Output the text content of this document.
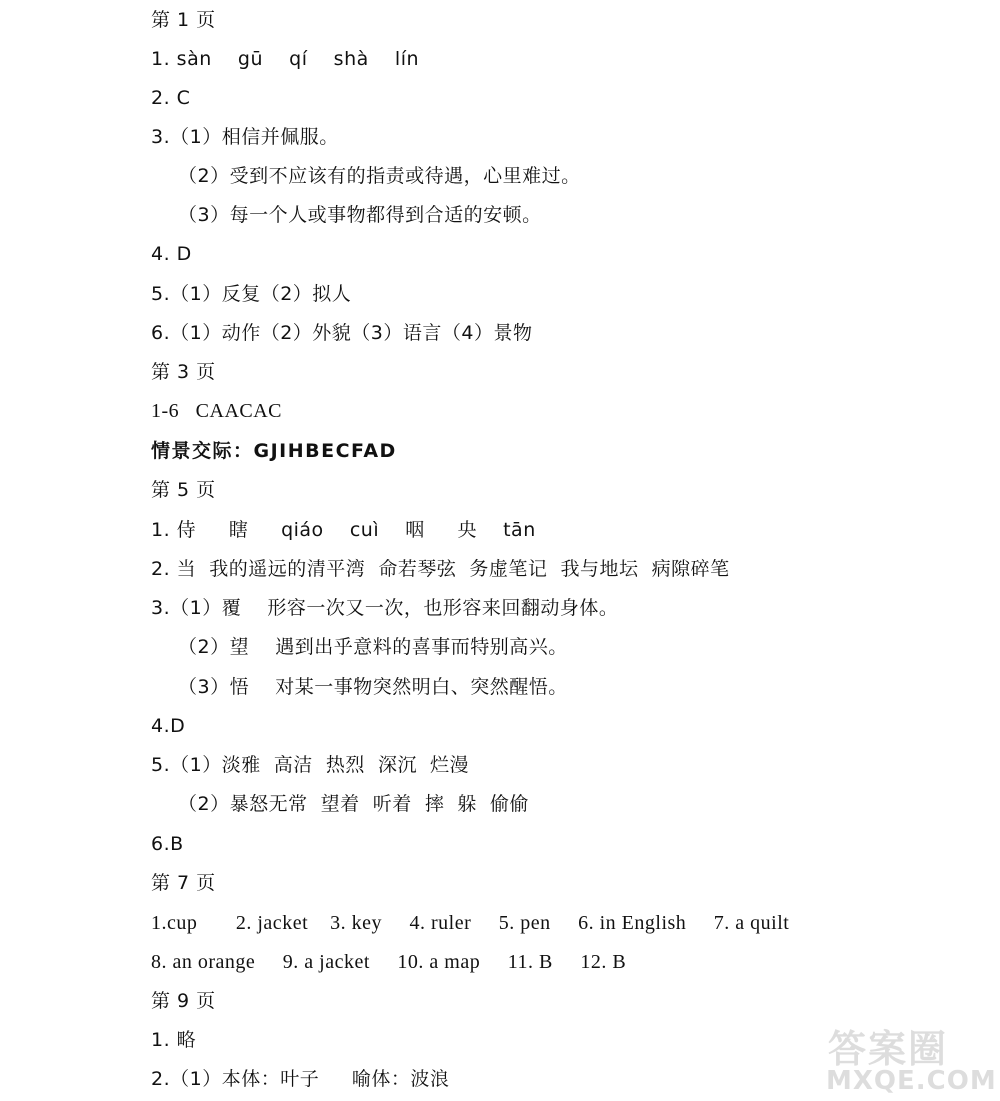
第 1 页
1. sàn    gū    qí    shà    lín
2. C
3.（1）相信并佩服。
（2）受到不应该有的指责或待遇，心里难过。
（3）每一个人或事物都得到合适的安顿。
4. D
5.（1）反复（2）拟人
6.（1）动作（2）外貌（3）语言（4）景物
第 3 页
1-6   CAACAC
情景交际：GJIHBECFAD
第 5 页
1. 侍     瞎     qiáo    cuì    咽     央    tān
2. 当  我的遥远的清平湾  命若琴弦  务虚笔记  我与地坛  病隙碎笔
3.（1）覆    形容一次又一次，也形容来回翻动身体。
（2）望    遇到出乎意料的喜事而特别高兴。
（3）悟    对某一事物突然明白、突然醒悟。
4.D
5.（1）淡雅  高洁  热烈  深沉  烂漫
（2）暴怒无常  望着  听着  摔  躲  偷偷
6.B
第 7 页
1.cup       2. jacket    3. key     4. ruler     5. pen     6. in English     7. a quilt
8. an orange     9. a jacket     10. a map     11. B     12. B
第 9 页
1. 略
2.（1）本体：叶子     喻体：波浪
答案圈
MXQE.COM
